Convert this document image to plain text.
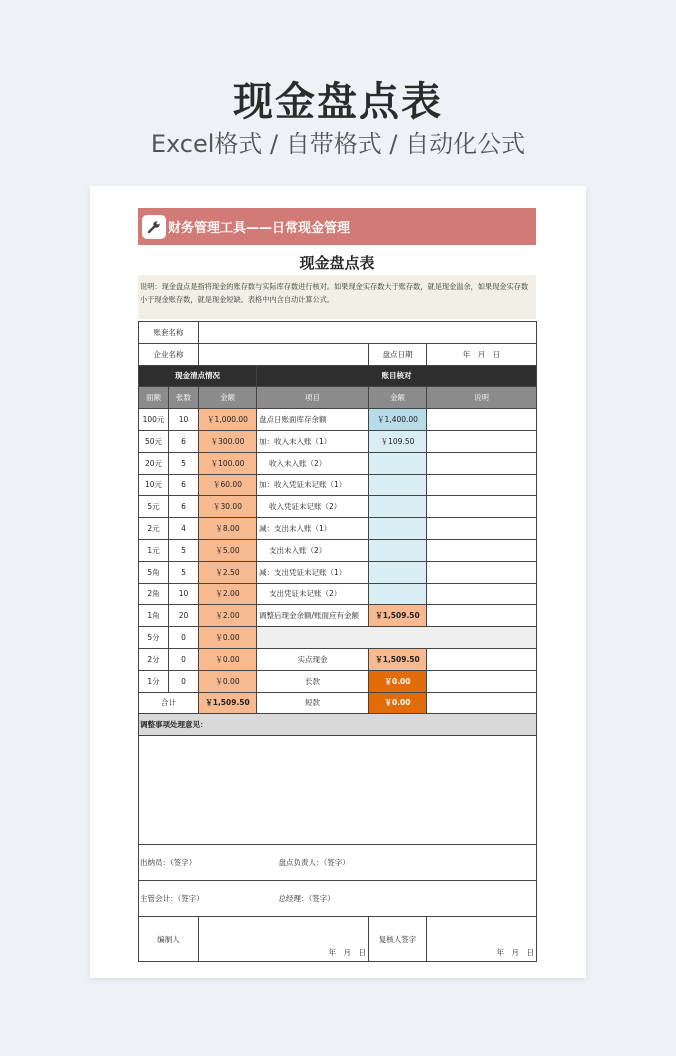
现金盘点表
Excel格式 / 自带格式 / 自动化公式
财务管理工具——日常现金管理
现金盘点表
说明：现金盘点是指将现金的账存数与实际库存数进行核对。如果现金实存数大于账存数，就是现金溢余，如果现金实存数小于现金账存数，就是现金短缺。表格中内含自动计算公式。
账套名称					
企业名称				盘点日期	年　月　日
现金清点情况			账目核对		
面额	张数	金额	项目	金额	说明
100元	10	￥1,000.00	盘点日账面库存余额	￥1,400.00	
50元	6	￥300.00	加：收入未入账（1）	￥109.50	
20元	5	￥100.00	收入未入账（2）		
10元	6	￥60.00	加：收入凭证未记账（1）		
5元	6	￥30.00	收入凭证未记账（2）		
2元	4	￥8.00	减：支出未入账（1）		
1元	5	￥5.00	支出未入账（2）		
5角	5	￥2.50	减：支出凭证未记账（1）		
2角	10	￥2.00	支出凭证未记账（2）		
1角	20	￥2.00	调整后现金余额/账面应有金额	￥1,509.50	
5分	0	￥0.00			
2分	0	￥0.00	实点现金	￥1,509.50	
1分	0	￥0.00	长款	￥0.00	
合计		￥1,509.50	短款	￥0.00	
调整事项处理意见：					

出纳员：（签字）			盘点负责人：（签字）		
主管会计：（签字）			总经理：（签字）		
编制人		年　月　日		复核人签字	年　月　日
